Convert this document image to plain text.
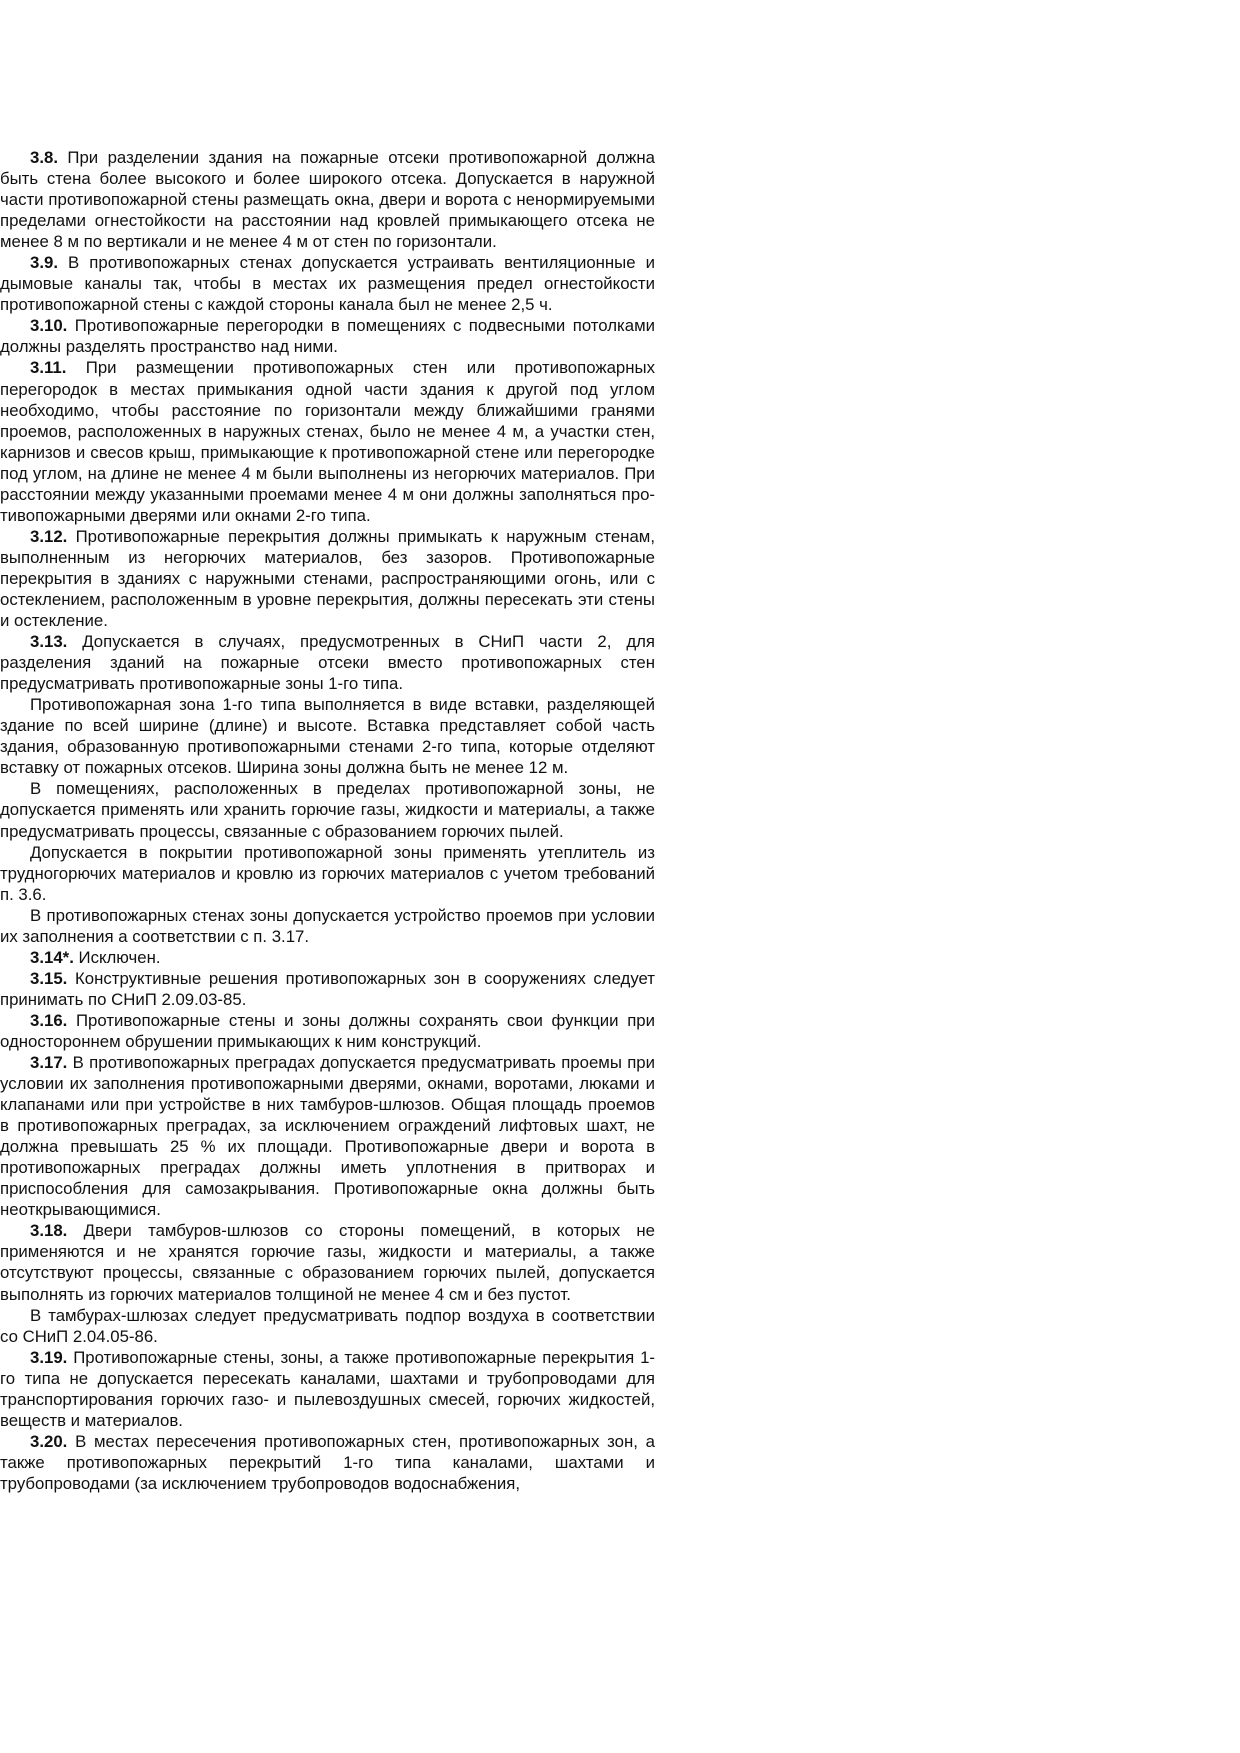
3.8. При разделении здания на пожарные отсеки противопожарной должна быть стена более высокого и более широкого отсека. Допускается в наружной части противопожарной стены размещать окна, двери и ворота с ненормируемыми пределами огнестойкости на расстоянии над кровлей примыкающего отсека не менее 8 м по вертикали и не менее 4 м от стен по горизонтали.

3.9. В противопожарных стенах допускается устраивать вентиляционные и дымовые каналы так, чтобы в местах их размещения предел огнестойкости противопожарной стены с каждой стороны канала был не менее 2,5 ч.

3.10. Противопожарные перегородки в помещениях с подвесными потолками должны разделять пространство над ними.

3.11. При размещении противопожарных стен или противопожарных перегородок в местах примыкания одной части здания к другой под углом необходимо, чтобы расстояние по горизонтали между ближайшими гранями проемов, расположенных в наружных стенах, было не менее 4 м, а участки стен, карнизов и свесов крыш, примыкающие к противопожарной стене или перегородке под углом, на длине не менее 4 м были выполнены из негорючих материалов. При расстоянии между указанными проемами менее 4 м они должны заполняться про-тивопожарными дверями или окнами 2-го типа.

3.12. Противопожарные перекрытия должны примыкать к наружным стенам, выполненным из негорючих материалов, без зазоров. Противопожарные перекрытия в зданиях с наружными стенами, распространяющими огонь, или с остеклением, расположенным в уровне перекрытия, должны пересекать эти стены и остекление.

3.13. Допускается в случаях, предусмотренных в СНиП части 2, для разделения зданий на пожарные отсеки вместо противопожарных стен предусматривать противопожарные зоны 1-го типа.

Противопожарная зона 1-го типа выполняется в виде вставки, разделяющей здание по всей ширине (длине) и высоте. Вставка представляет собой часть здания, образованную противопожарными стенами 2-го типа, которые отделяют вставку от пожарных отсеков. Ширина зоны должна быть не менее 12 м.

В помещениях, расположенных в пределах противопожарной зоны, не допускается применять или хранить горючие газы, жидкости и материалы, а также предусматривать процессы, связанные с образованием горючих пылей.

Допускается в покрытии противопожарной зоны применять утеплитель из трудногорючих материалов и кровлю из горючих материалов с учетом требований п. 3.6.

В противопожарных стенах зоны допускается устройство проемов при условии их заполнения а соответствии с п. 3.17.

3.14*. Исключен.

3.15. Конструктивные решения противопожарных зон в сооружениях следует принимать по СНиП 2.09.03-85.

3.16. Противопожарные стены и зоны должны сохранять свои функции при одностороннем обрушении примыкающих к ним конструкций.

3.17. В противопожарных преградах допускается предусматривать проемы при условии их заполнения противопожарными дверями, окнами, воротами, люками и клапанами или при устройстве в них тамбуров-шлюзов. Общая площадь проемов в противопожарных преградах, за исключением ограждений лифтовых шахт, не должна превышать 25 % их площади. Противопожарные двери и ворота в противопожарных преградах должны иметь уплотнения в притворах и приспособления для самозакрывания. Противопожарные окна должны быть неоткрывающимися.

3.18. Двери тамбуров-шлюзов со стороны помещений, в которых не применяются и не хранятся горючие газы, жидкости и материалы, а также отсутствуют процессы, связанные с образованием горючих пылей, допускается выполнять из горючих материалов толщиной не менее 4 см и без пустот.

В тамбурах-шлюзах следует предусматривать подпор воздуха в соответствии со СНиП 2.04.05-86.

3.19. Противопожарные стены, зоны, а также противопожарные перекрытия 1-го типа не допускается пересекать каналами, шахтами и трубопроводами для транспортирования горючих газо- и пылевоздушных смесей, горючих жидкостей, веществ и материалов.

3.20. В местах пересечения противопожарных стен, противопожарных зон, а также противопожарных перекрытий 1-го типа каналами, шахтами и трубопроводами (за исключением трубопроводов водоснабжения,
